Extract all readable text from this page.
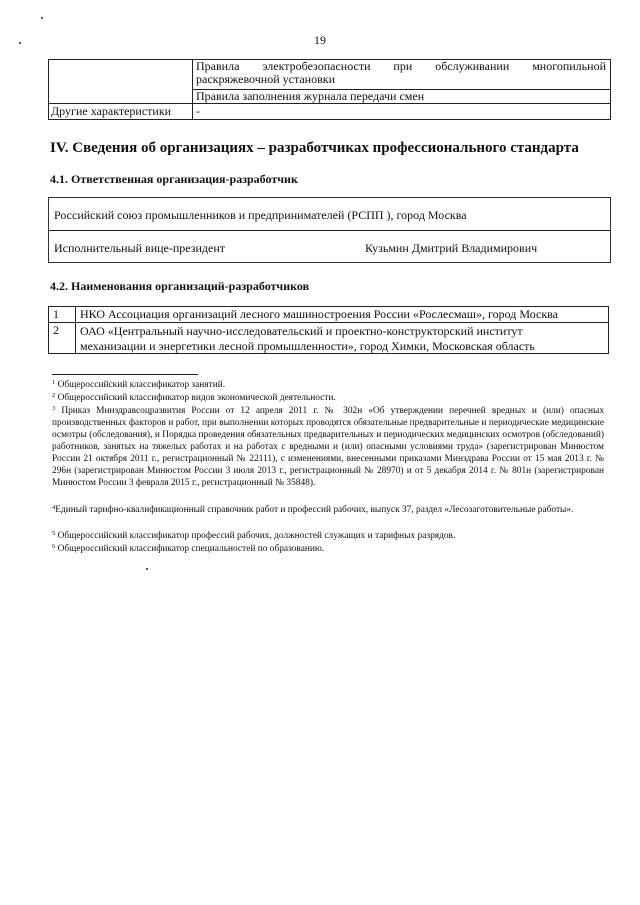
19
Правила электробезопасности при обслуживании многопильной раскряжевочной установки
Правила заполнения журнала передачи смен
Другие характеристики -
IV. Сведения об организациях – разработчиках профессионального стандарта
4.1. Ответственная организация-разработчик
Российский союз промышленников и предпринимателей (РСПП ), город Москва
Исполнительный вице-президент	Кузьмин Дмитрий Владимирович
4.2. Наименования организаций-разработчиков
1 НКО Ассоциация организаций лесного машиностроения России «Рослесмаш», город Москва
2 ОАО «Центральный научно-исследовательский и проектно-конструкторский институт механизации и энергетики лесной промышленности», город Химки, Московская область
$^1$ Общероссийский классификатор занятий.
$^2$ Общероссийский классификатор видов экономической деятельности.
$^3$ Приказ Минздравсоцразвития России от 12 апреля 2011 г. № 302н «Об утверждении перечней вредных и (или) опасных производственных факторов и работ, при выполнении которых проводятся обязательные предварительные и периодические медицинские осмотры (обследования), и Порядка проведения обязательных предварительных и периодических медицинских осмотров (обследований) работников, занятых на тяжелых работах и на работах с вредными и (или) опасными условиями труда» (зарегистрирован Минюстом России 21 октября 2011 г., регистрационный № 22111), с изменениями, внесенными приказами Минздрава России от 15 мая 2013 г. № 296н (зарегистрирован Минюстом России 3 июля 2013 г., регистрационный № 28970) и от 5 декабря 2014 г. № 801н (зарегистрирован Минюстом России 3 февраля 2015 г., регистрационный № 35848).
$^4$Единый тарифно-квалификационный справочник работ и профессий рабочих, выпуск 37, раздел «Лесозаготовительные работы».
$^5$ Общероссийский классификатор профессий рабочих, должностей служащих и тарифных разрядов.
$^6$ Общероссийский классификатор специальностей по образованию.
